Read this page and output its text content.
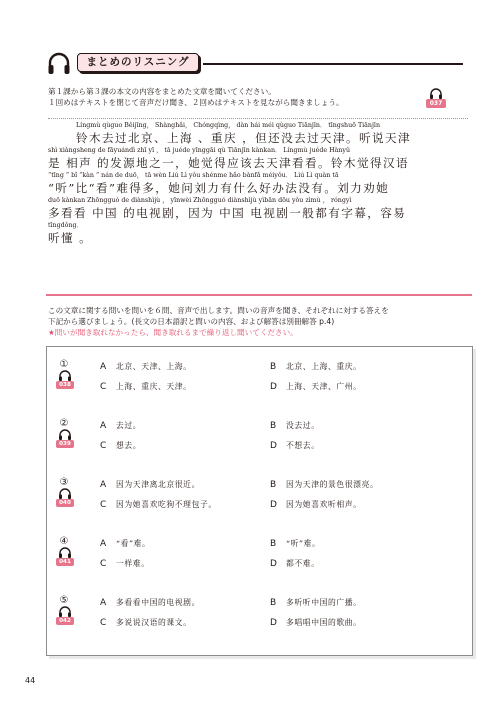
まとめのリスニング
第１課から第３課の本文の内容をまとめた文章を聞いてください。
１回めはテキストを閉じて音声だけ聞き、２回めはテキストを見ながら聞きましょう。	037
Língmù qùguo Běijīng， Shànghǎi， Chóngqìng， dàn hái méi qùguo Tiānjīn． tīngshuō Tiānjīn
铃木去过北京、上海 、重庆 ，但还没去过天津。听说天津
shì xiàngsheng de fāyuándì zhī yī ， tā juéde yīnggāi qù Tiānjīn kànkan． Língmù juéde Hànyǔ
是 相声 的发源地之一，她觉得应该去天津看看。铃木觉得汉语
“tīng ” bǐ “kàn ” nán de duō， tā wèn Liú Lì yǒu shénme hǎo bànfǎ méiyǒu． Liú Lì quàn tā
“听”比“看”难得多，她问刘力有什么好办法没有。刘力劝她
duō kànkan Zhōngguó de diànshìjù ， yīnwèi Zhōngguó diànshìjù yìbān dōu yǒu zìmù ， róngyì
多看看 中国 的电视剧，因为 中国 电视剧一般都有字幕，容易
tīngdǒng．
听懂 。
この文章に関する問いを問いを６問、音声で出します。問いの音声を聞き、それぞれに対する答えを
下記から選びましょう。(長文の日本語訳と問いの内容、および解答は別冊解答 p.4)
★問いが聞き取れなかったら、聞き取れるまで繰り返し聞いてください。
①
038
A 北京、天津、上海。	B 北京、上海、重庆。
C 上海、重庆、天津。	D 上海、天津、广州。
②
039
A 去过。	B 没去过。
C 想去。	D 不想去。
③
040
A 因为天津离北京很近。	B 因为天津的景色很漂亮。
C 因为她喜欢吃狗不理包子。	D 因为她喜欢听相声。
④
041
A “看”难。	B “听”难。
C 一样难。	D 都不难。
⑤
042
A 多看看中国的电视剧。	B 多听听中国的广播。
C 多说说汉语的课文。	D 多唱唱中国的歌曲。
44
